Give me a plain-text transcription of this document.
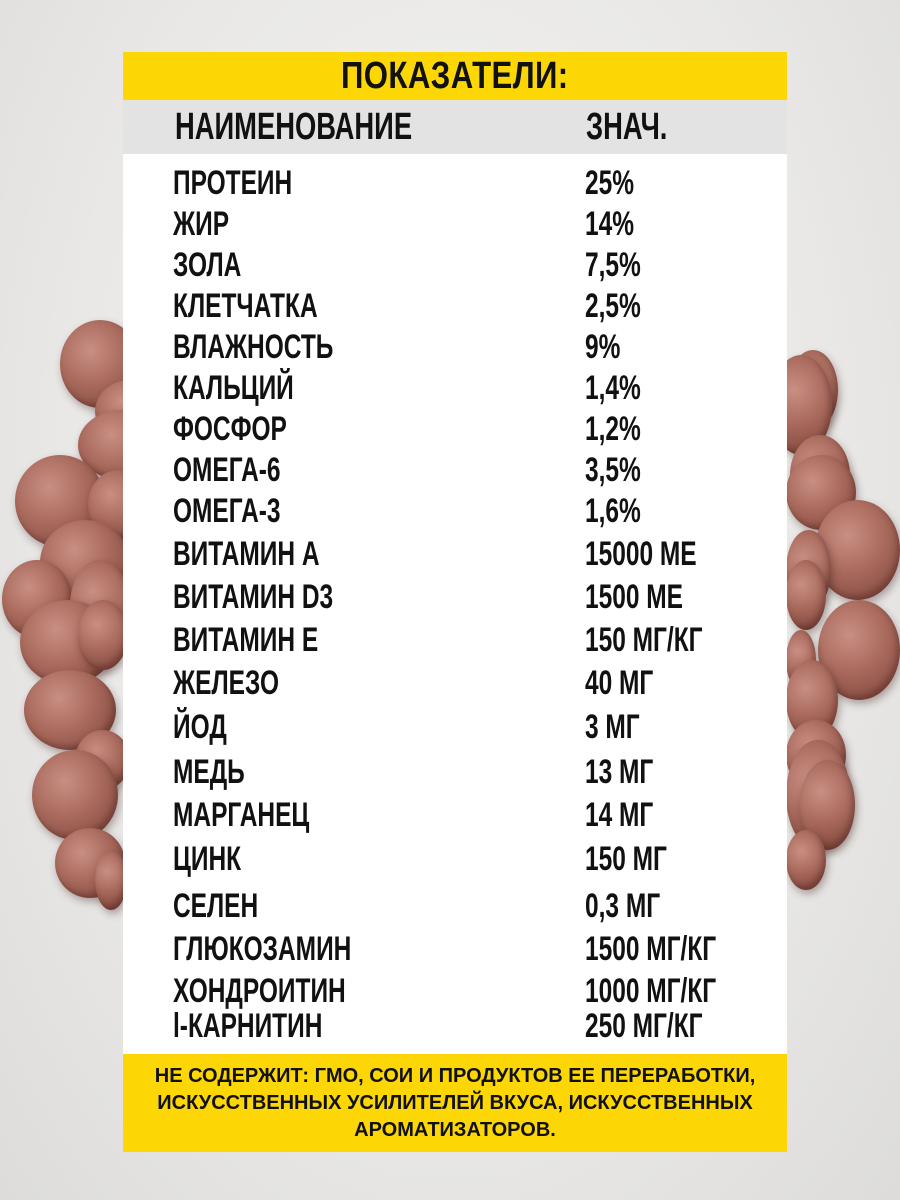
ПОКАЗАТЕЛИ:
НАИМЕНОВАНИЕ	ЗНАЧ.
ПРОТЕИН	25%
ЖИР	14%
ЗОЛА	7,5%
КЛЕТЧАТКА	2,5%
ВЛАЖНОСТЬ	9%
КАЛЬЦИЙ	1,4%
ФОСФОР	1,2%
ОМЕГА-6	3,5%
ОМЕГА-3	1,6%
ВИТАМИН А	15000 МЕ
ВИТАМИН D3	1500 МЕ
ВИТАМИН Е	150 МГ/КГ
ЖЕЛЕЗО	40 МГ
ЙОД	3 МГ
МЕДЬ	13 МГ
МАРГАНЕЦ	14 МГ
ЦИНК	150 МГ
СЕЛЕН	0,3 МГ
ГЛЮКОЗАМИН	1500 МГ/КГ
ХОНДРОИТИН	1000 МГ/КГ
l-КАРНИТИН	250 МГ/КГ
НЕ СОДЕРЖИТ: ГМО, СОИ И ПРОДУКТОВ ЕЕ ПЕРЕРАБОТКИ,
ИСКУССТВЕННЫХ УСИЛИТЕЛЕЙ ВКУСА, ИСКУССТВЕННЫХ
АРОМАТИЗАТОРОВ.
